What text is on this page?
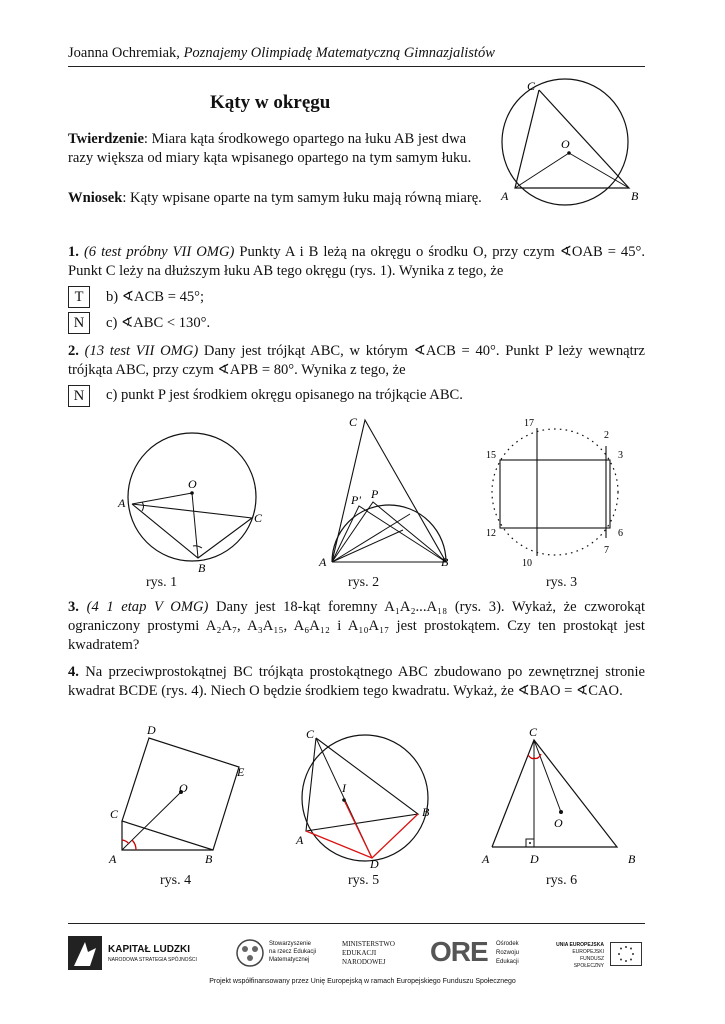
Joanna Ochremiak, Poznajemy Olimpiadę Matematyczną Gimnazjalistów
Kąty w okręgu
C
O
A	B
Twierdzenie: Miara kąta środkowego opartego na łuku AB jest dwa razy większa od miary kąta wpisanego opartego na tym samym łuku.
Wniosek: Kąty wpisane oparte na tym samym łuku mają równą miarę.
1. (6 test próbny VII OMG) Punkty A i B leżą na okręgu o środku O, przy czym ∢OAB = 45°. Punkt C leży na dłuższym łuku AB tego okręgu (rys. 1). Wynika z tego, że
T	b) ∢ACB = 45°;
N	c) ∢ABC < 130°.
2. (13 test VII OMG) Dany jest trójkąt ABC, w którym ∢ACB = 40°. Punkt P leży wewnątrz trójkąta ABC, przy czym ∢APB = 80°. Wynika z tego, że
N	c) punkt P jest środkiem okręgu opisanego na trójkącie ABC.
O
A
C
B
C
P' P
A	B
17
2
15	3
12	6
7
10
rys. 1	rys. 2	rys. 3
3. (4 1 etap V OMG) Dany jest 18-kąt foremny A₁A₂...A₁₈ (rys. 3). Wykaż, że czworokąt ograniczony prostymi A₂A₇, A₃A₁₅, A₆A₁₂ i A₁₀A₁₇ jest prostokątem. Czy ten prostokąt jest kwadratem?
4. Na przeciwprostokątnej BC trójkąta prostokątnego ABC zbudowano po zewnętrznej stronie kwadrat BCDE (rys. 4). Niech O będzie środkiem tego kwadratu. Wykaż, że ∢BAO = ∢CAO.
D
E
O
C
A	B
C
I
B
A
D
C
O
A	D	B
rys. 4	rys. 5	rys. 6
KAPITAŁ LUDZKI
NARODOWA STRATEGIA SPÓJNOŚCI
Stowarzyszenie
na rzecz Edukacji
Matematycznej
MINISTERSTWO
EDUKACJI
NARODOWEJ	ORE Ośrodek
Rozwoju
Edukacji
UNIA EUROPEJSKA
EUROPEJSKI
FUNDUSZ SPOŁECZNY
Projekt współfinansowany przez Unię Europejską w ramach Europejskiego Funduszu Społecznego
